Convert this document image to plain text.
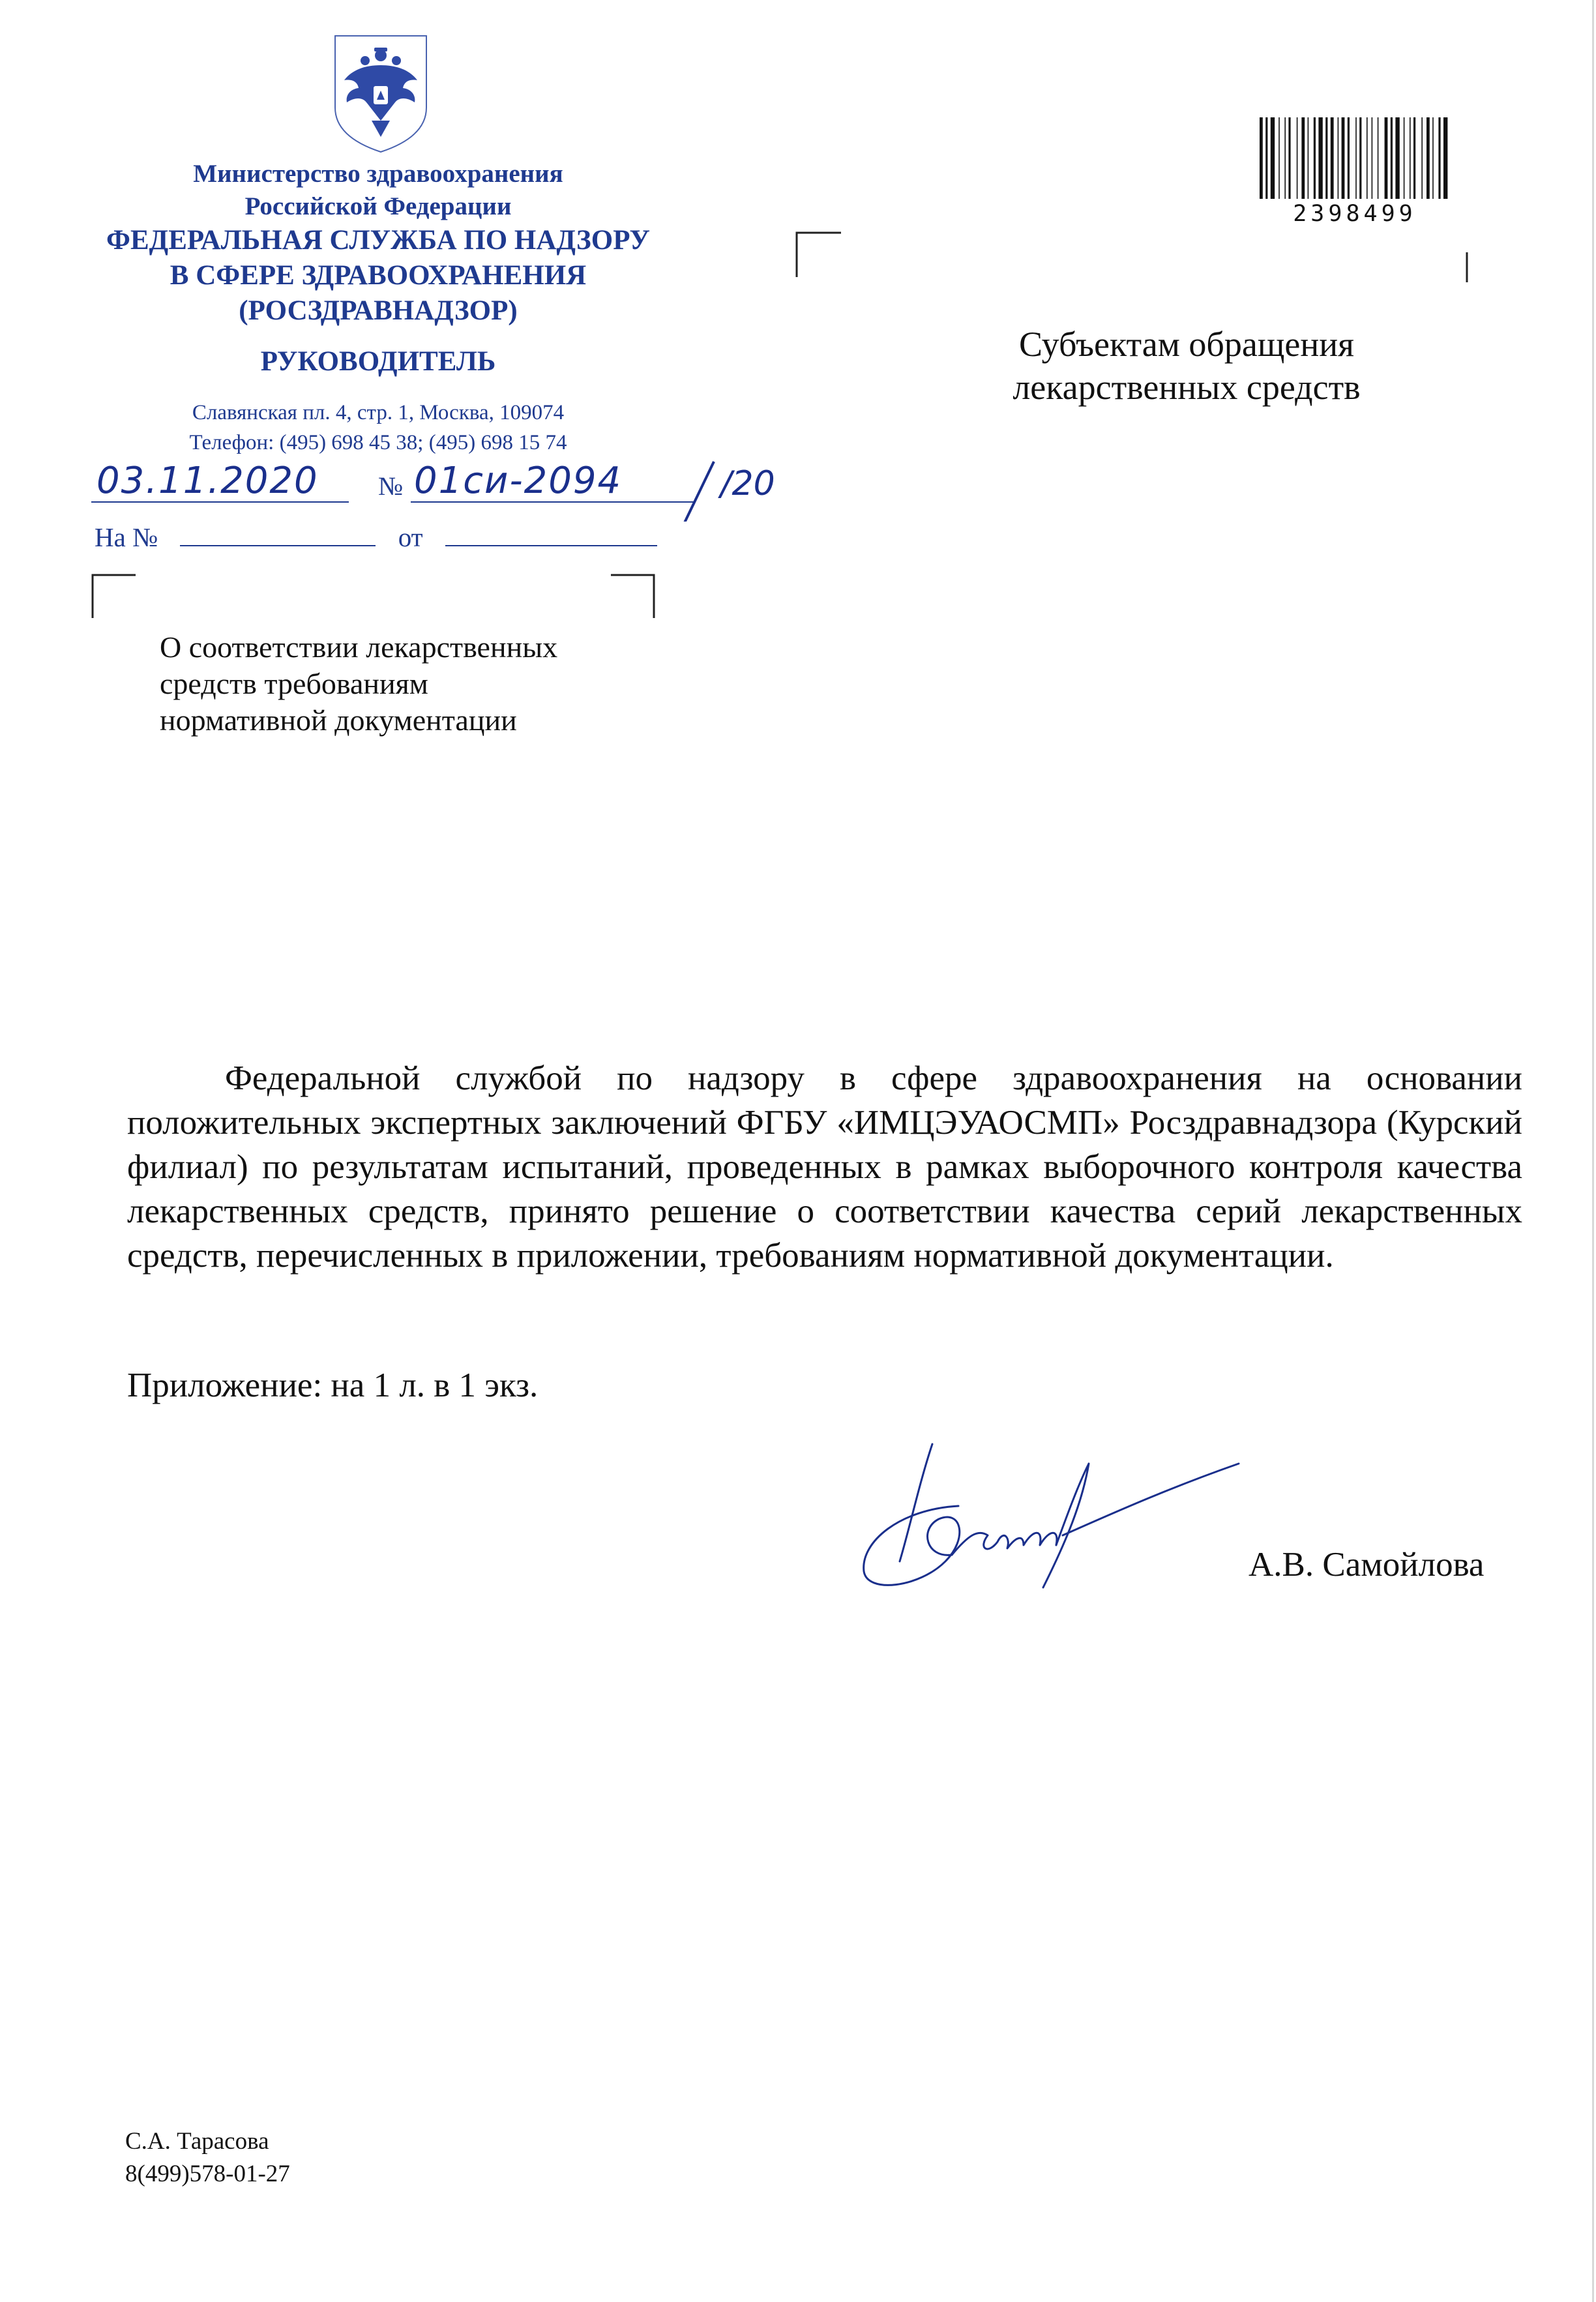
Министерство здравоохранения
Российской Федерации
ФЕДЕРАЛЬНАЯ СЛУЖБА ПО НАДЗОРУ
В СФЕРЕ ЗДРАВООХРАНЕНИЯ
(РОСЗДРАВНАДЗОР)
РУКОВОДИТЕЛЬ
Славянская пл. 4, стр. 1, Москва, 109074
Телефон: (495) 698 45 38; (495) 698 15 74
03.11.2020 № 01си-2094	/20
На №	от
О соответствии лекарственных
средств требованиям
нормативной документации
2398499
Субъектам обращения
лекарственных средств
Федеральной службой по надзору в сфере здравоохранения на основании положительных экспертных заключений ФГБУ «ИМЦЭУАОСМП» Росздравнадзора (Курский филиал) по результатам испытаний, проведенных в рамках выборочного контроля качества лекарственных средств, принято решение о соответствии качества серий лекарственных средств, перечисленных в приложении, требованиям нормативной документации.
Приложение: на 1 л. в 1 экз.
А.В. Самойлова
С.А. Тарасова
8(499)578-01-27
